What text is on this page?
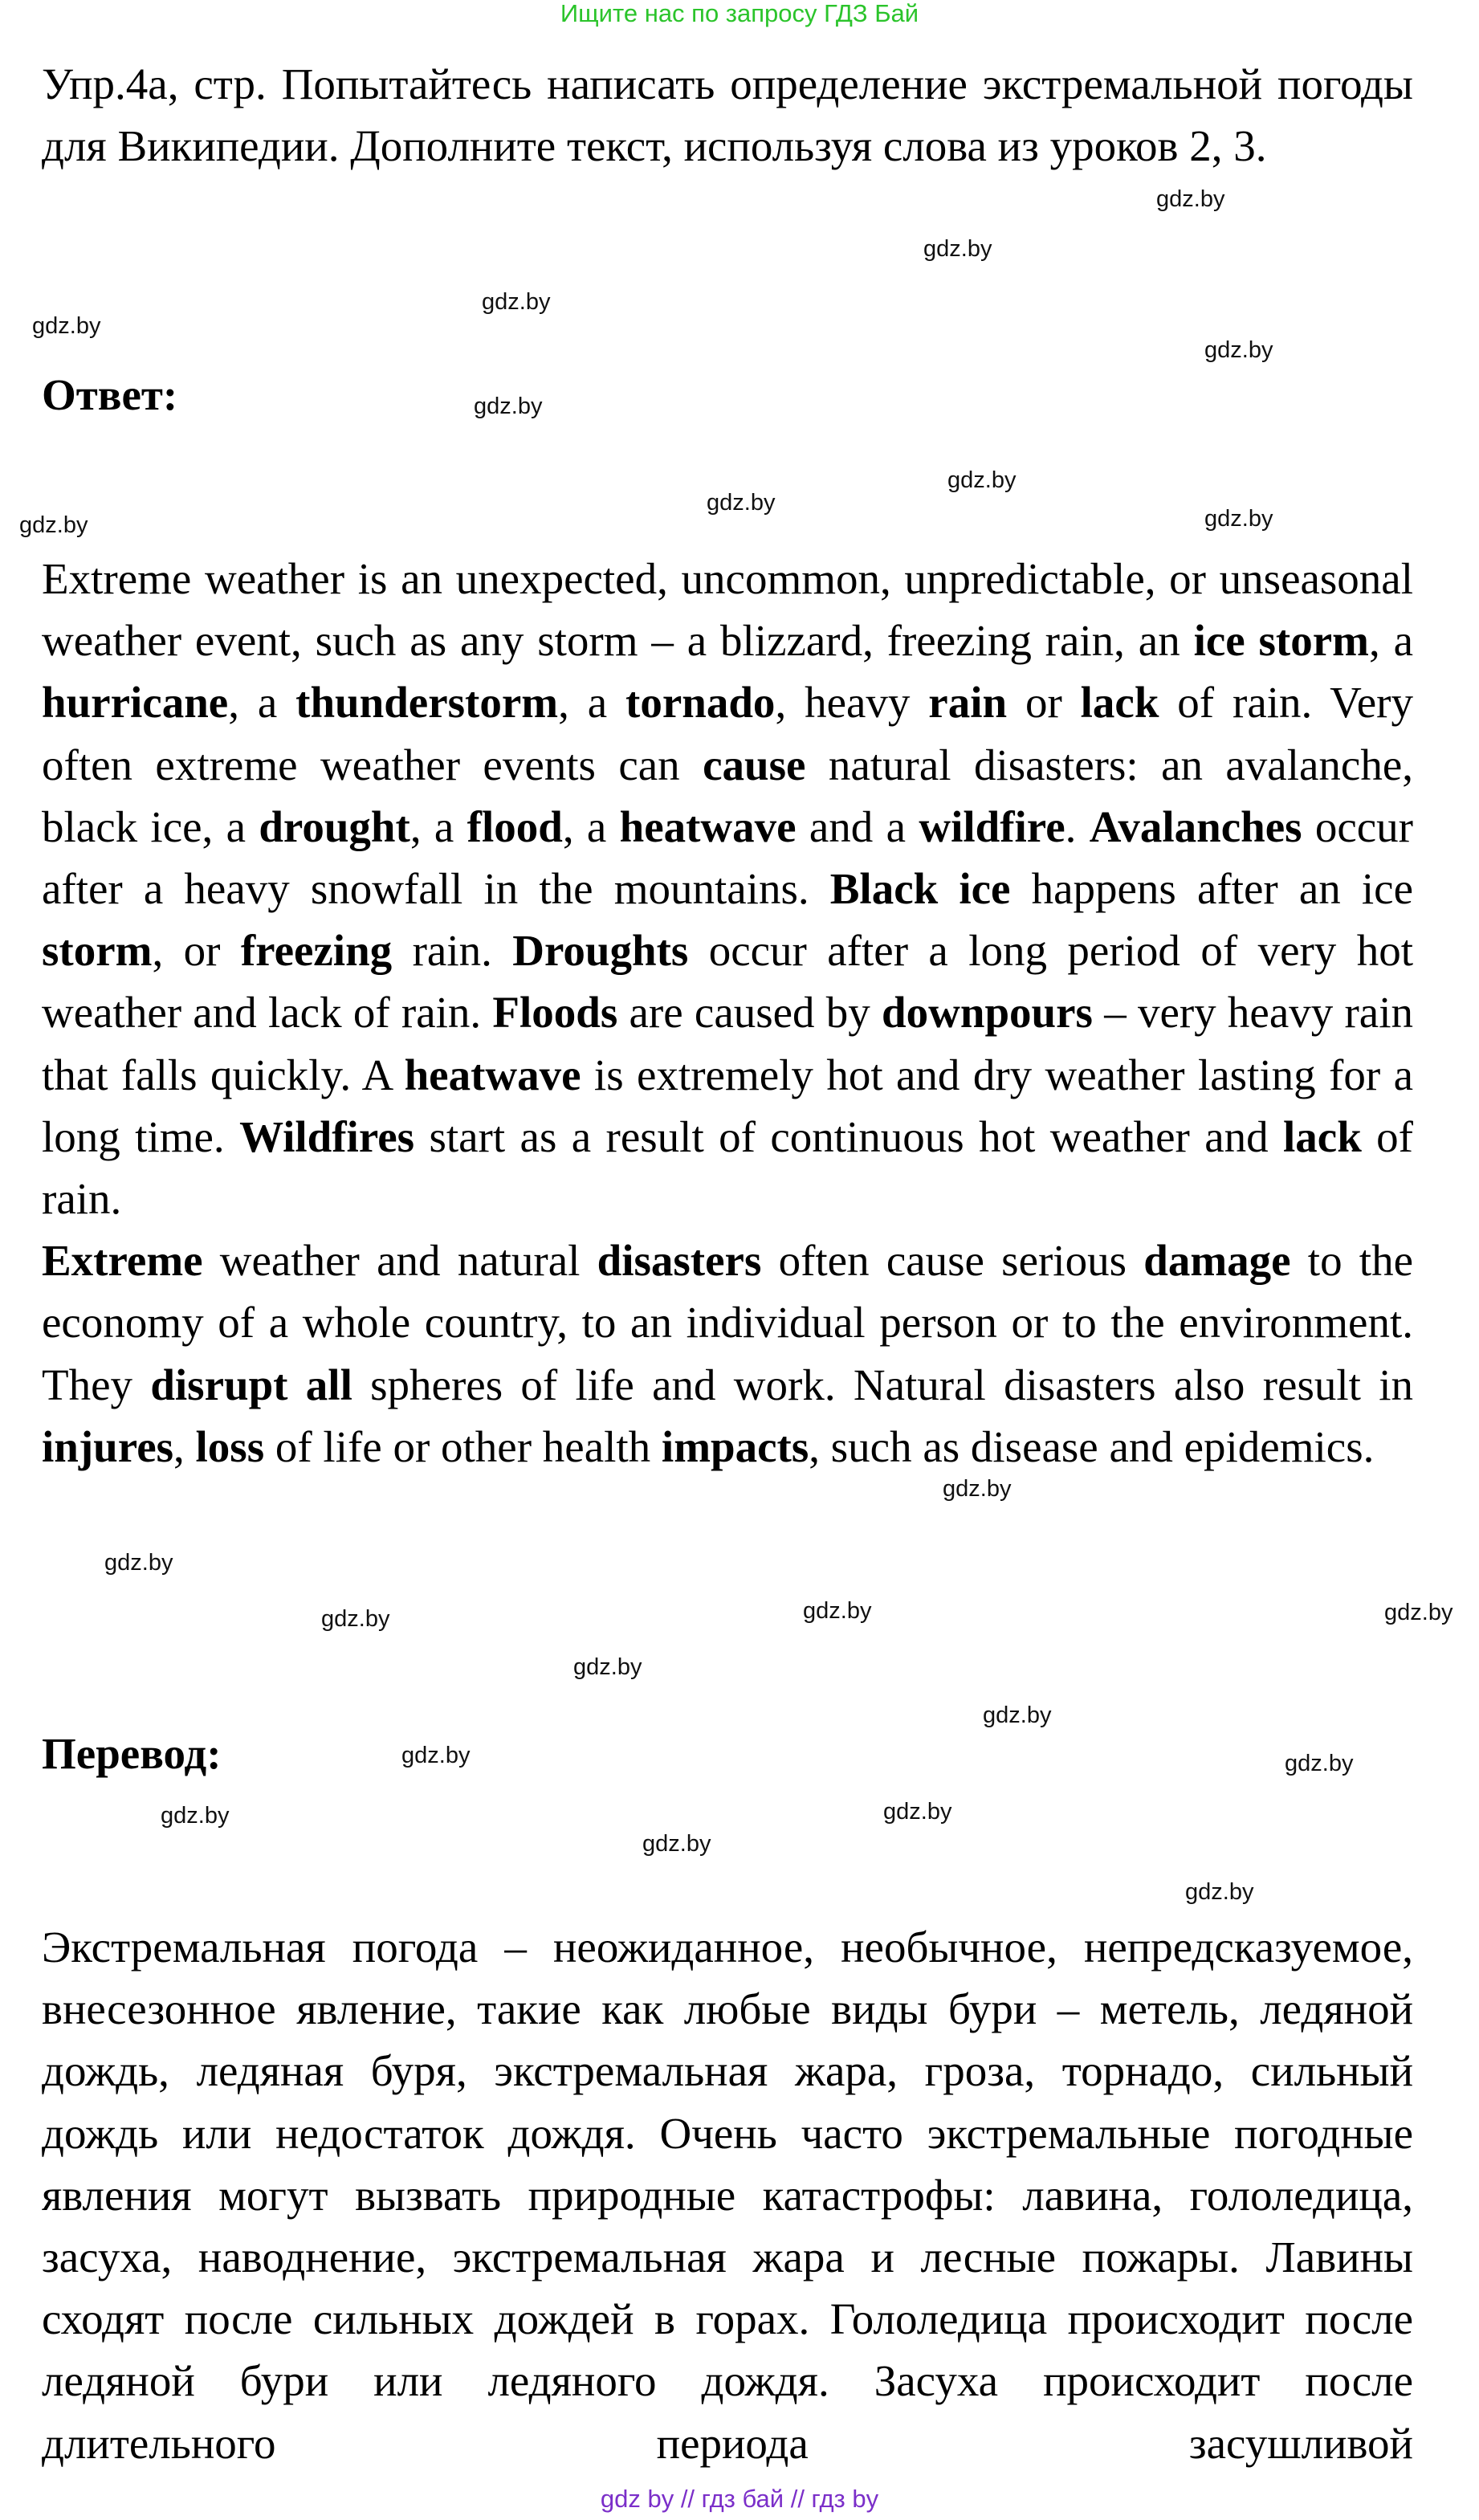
Ищите нас по запросу ГДЗ Бай
Упр.4а, стр. Попытайтесь написать определение экстремальной погоды для Википедии. Дополните текст, используя слова из уроков 2, 3.
Ответ:

Extreme weather is an unexpected, uncommon, unpredictable, or unseasonal weather event, such as any storm – a blizzard, freezing rain, an ice storm, a hurricane, a thunderstorm, a tornado, heavy rain or lack of rain. Very often extreme weather events can cause natural disasters: an avalanche, black ice, a drought, a flood, a heatwave and a wildfire. Avalanches occur after a heavy snowfall in the mountains. Black ice happens after an ice storm, or freezing rain. Droughts occur after a long period of very hot weather and lack of rain. Floods are caused by downpours – very heavy rain that falls quickly. A heatwave is extremely hot and dry weather lasting for a long time. Wildfires start as a result of continuous hot weather and lack of rain.

Extreme weather and natural disasters often cause serious damage to the economy of a whole country, to an individual person or to the environment. They disrupt all spheres of life and work. Natural disasters also result in injures, loss of life or other health impacts, such as disease and epidemics.

Перевод:
Экстремальная погода – неожиданное, необычное, непредсказуемое, внесезонное явление, такие как любые виды бури – метель, ледяной дождь, ледяная буря, экстремальная жара, гроза, торнадо, сильный дождь или недостаток дождя. Очень часто экстремальные погодные явления могут вызвать природные катастрофы: лавина, гололедица, засуха, наводнение, экстремальная жара и лесные пожары. Лавины сходят после сильных дождей в горах. Гололедица происходит после ледяной бури или ледяного дождя. Засуха происходит после длительного периода засушливой
gdz.by
gdz.by
gdz.by
gdz.by
gdz.by
gdz.by
gdz.by
gdz.by
gdz.by
gdz.by
gdz.by
gdz.by
gdz.by
gdz.by
gdz.by
gdz.by
gdz.by
gdz.by
gdz.by
gdz.by
gdz.by
gdz.by
gdz.by
gdz by // гдз бай // гдз by
